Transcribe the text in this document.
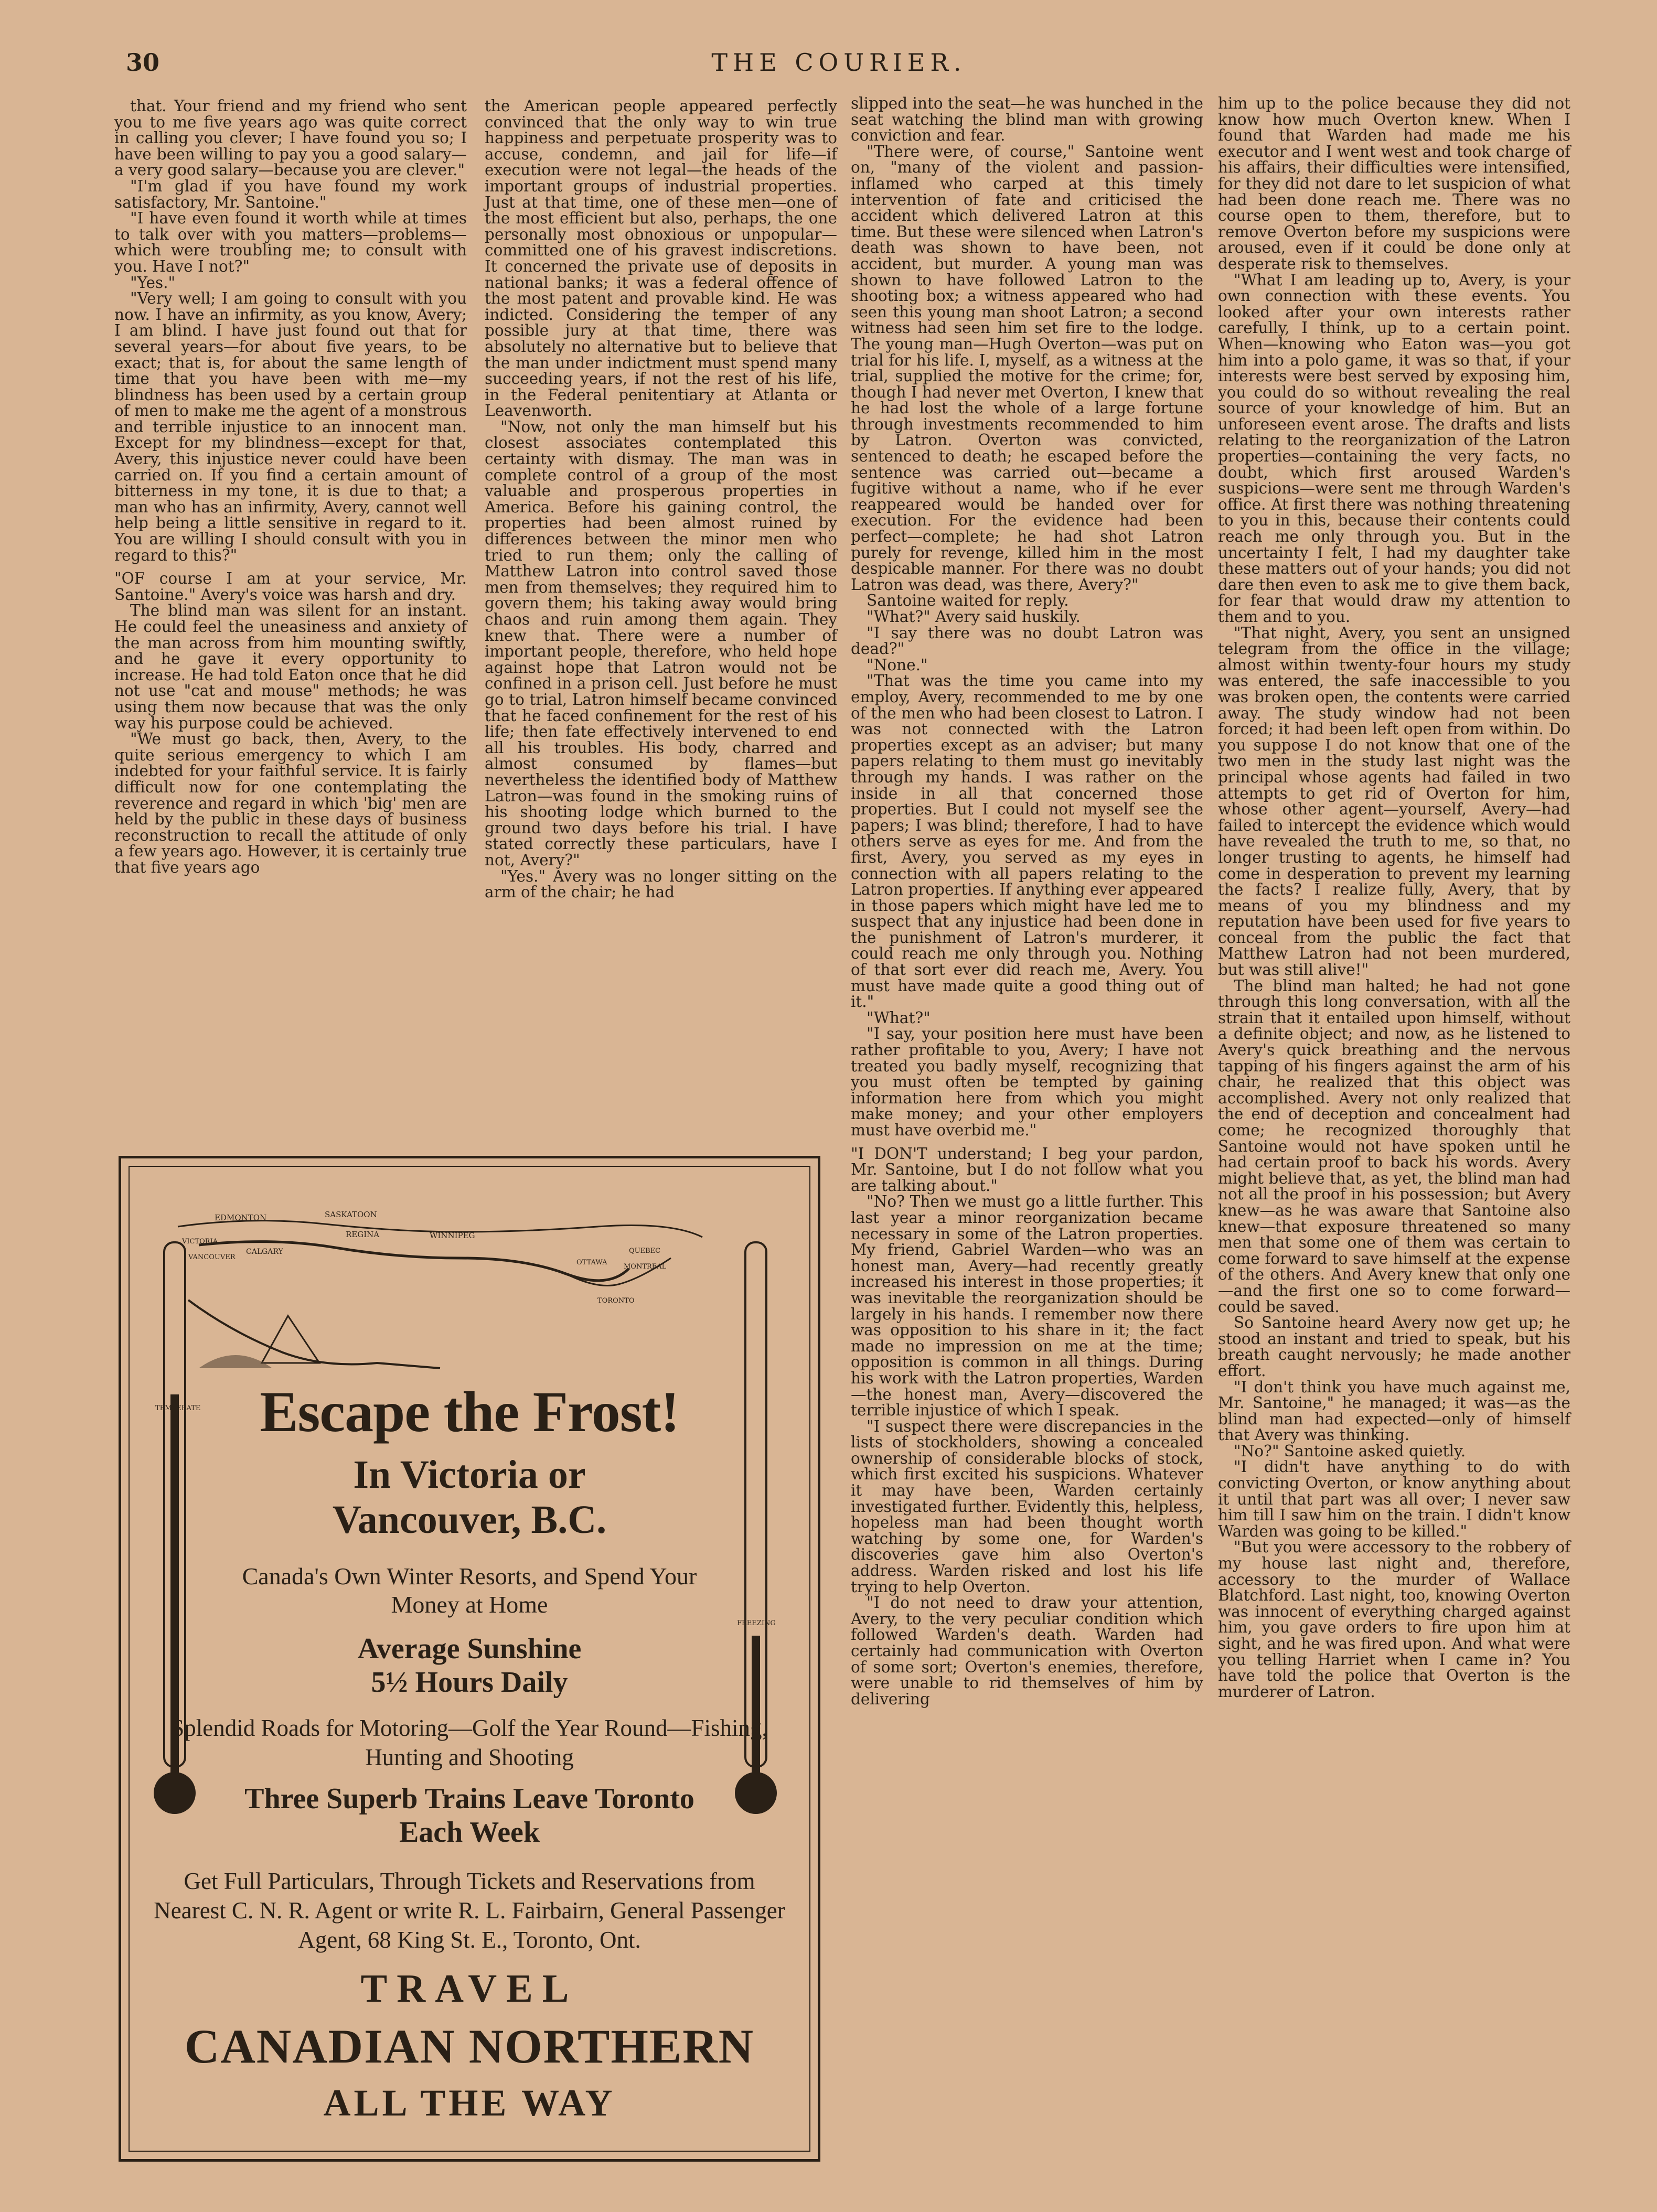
30	THE COURIER.

that. Your friend and my friend who sent you to me five years ago was quite correct in calling you clever; I have found you so; I have been willing to pay you a good salary—a very good salary—because you are clever."

"I'm glad if you have found my work satisfactory, Mr. Santoine."

"I have even found it worth while at times to talk over with you matters—problems—which were troubling me; to consult with you. Have I not?"

"Yes."

"Very well; I am going to consult with you now. I have an infirmity, as you know, Avery; I am blind. I have just found out that for several years—for about five years, to be exact; that is, for about the same length of time that you have been with me—my blindness has been used by a certain group of men to make me the agent of a monstrous and terrible injustice to an innocent man. Except for my blindness—except for that, Avery, this injustice never could have been carried on. If you find a certain amount of bitterness in my tone, it is due to that; a man who has an infirmity, Avery, cannot well help being a little sensitive in regard to it. You are willing I should consult with you in regard to this?"

"OF course I am at your service, Mr. Santoine." Avery's voice was harsh and dry.

The blind man was silent for an instant. He could feel the uneasiness and anxiety of the man across from him mounting swiftly, and he gave it every opportunity to increase. He had told Eaton once that he did not use "cat and mouse" methods; he was using them now because that was the only way his purpose could be achieved.

"We must go back, then, Avery, to the quite serious emergency to which I am indebted for your faithful service. It is fairly difficult now for one contemplating the reverence and regard in which 'big' men are held by the public in these days of business reconstruction to recall the attitude of only a few years ago. However, it is certainly true that five years ago

the American people appeared perfectly convinced that the only way to win true happiness and perpetuate prosperity was to accuse, condemn, and jail for life—if execution were not legal—the heads of the important groups of industrial properties. Just at that time, one of these men—one of the most efficient but also, perhaps, the one personally most obnoxious or unpopular—committed one of his gravest indiscretions. It concerned the private use of deposits in national banks; it was a federal offence of the most patent and provable kind. He was indicted. Considering the temper of any possible jury at that time, there was absolutely no alternative but to believe that the man under indictment must spend many succeeding years, if not the rest of his life, in the Federal penitentiary at Atlanta or Leavenworth.

"Now, not only the man himself but his closest associates contemplated this certainty with dismay. The man was in complete control of a group of the most valuable and prosperous properties in America. Before his gaining control, the properties had been almost ruined by differences between the minor men who tried to run them; only the calling of Matthew Latron into control saved those men from themselves; they required him to govern them; his taking away would bring chaos and ruin among them again. They knew that. There were a number of important people, therefore, who held hope against hope that Latron would not be confined in a prison cell. Just before he must go to trial, Latron himself became convinced that he faced confinement for the rest of his life; then fate effectively intervened to end all his troubles. His body, charred and almost consumed by flames—but nevertheless the identified body of Matthew Latron—was found in the smoking ruins of his shooting lodge which burned to the ground two days before his trial. I have stated correctly these particulars, have I not, Avery?"

"Yes." Avery was no longer sitting on the arm of the chair; he had

slipped into the seat—he was hunched in the seat watching the blind man with growing conviction and fear.

"There were, of course," Santoine went on, "many of the violent and passion-inflamed who carped at this timely intervention of fate and criticised the accident which delivered Latron at this time. But these were silenced when Latron's death was shown to have been, not accident, but murder. A young man was shown to have followed Latron to the shooting box; a witness appeared who had seen this young man shoot Latron; a second witness had seen him set fire to the lodge. The young man—Hugh Overton—was put on trial for his life. I, myself, as a witness at the trial, supplied the motive for the crime; for, though I had never met Overton, I knew that he had lost the whole of a large fortune through investments recommended to him by Latron. Overton was convicted, sentenced to death; he escaped before the sentence was carried out—became a fugitive without a name, who if he ever reappeared would be handed over for execution. For the evidence had been perfect—complete; he had shot Latron purely for revenge, killed him in the most despicable manner. For there was no doubt Latron was dead, was there, Avery?"

Santoine waited for reply.

"What?" Avery said huskily.

"I say there was no doubt Latron was dead?"

"None."

"That was the time you came into my employ, Avery, recommended to me by one of the men who had been closest to Latron. I was not connected with the Latron properties except as an adviser; but many papers relating to them must go inevitably through my hands. I was rather on the inside in all that concerned those properties. But I could not myself see the papers; I was blind; therefore, I had to have others serve as eyes for me. And from the first, Avery, you served as my eyes in connection with all papers relating to the Latron properties. If anything ever appeared in those papers which might have led me to suspect that any injustice had been done in the punishment of Latron's murderer, it could reach me only through you. Nothing of that sort ever did reach me, Avery. You must have made quite a good thing out of it."

"What?"

"I say, your position here must have been rather profitable to you, Avery; I have not treated you badly myself, recognizing that you must often be tempted by gaining information here from which you might make money; and your other employers must have overbid me."

"I DON'T understand; I beg your pardon, Mr. Santoine, but I do not follow what you are talking about."

"No? Then we must go a little further. This last year a minor reorganization became necessary in some of the Latron properties. My friend, Gabriel Warden—who was an honest man, Avery—had recently greatly increased his interest in those properties; it was inevitable the reorganization should be largely in his hands. I remember now there was opposition to his share in it; the fact made no impression on me at the time; opposition is common in all things. During his work with the Latron properties, Warden—the honest man, Avery—discovered the terrible injustice of which I speak.

"I suspect there were discrepancies in the lists of stockholders, showing a concealed ownership of considerable blocks of stock, which first excited his suspicions. Whatever it may have been, Warden certainly investigated further. Evidently this, helpless, hopeless man had been thought worth watching by some one, for Warden's discoveries gave him also Overton's address. Warden risked and lost his life trying to help Overton.

"I do not need to draw your attention, Avery, to the very peculiar condition which followed Warden's death. Warden had certainly had communication with Overton of some sort; Overton's enemies, therefore, were unable to rid themselves of him by delivering

him up to the police because they did not know how much Overton knew. When I found that Warden had made me his executor and I went west and took charge of his affairs, their difficulties were intensified, for they did not dare to let suspicion of what had been done reach me. There was no course open to them, therefore, but to remove Overton before my suspicions were aroused, even if it could be done only at desperate risk to themselves.

"What I am leading up to, Avery, is your own connection with these events. You looked after your own interests rather carefully, I think, up to a certain point. When—knowing who Eaton was—you got him into a polo game, it was so that, if your interests were best served by exposing him, you could do so without revealing the real source of your knowledge of him. But an unforeseen event arose. The drafts and lists relating to the reorganization of the Latron properties—containing the very facts, no doubt, which first aroused Warden's suspicions—were sent me through Warden's office. At first there was nothing threatening to you in this, because their contents could reach me only through you. But in the uncertainty I felt, I had my daughter take these matters out of your hands; you did not dare then even to ask me to give them back, for fear that would draw my attention to them and to you.

"That night, Avery, you sent an unsigned telegram from the office in the village; almost within twenty-four hours my study was entered, the safe inaccessible to you was broken open, the contents were carried away. The study window had not been forced; it had been left open from within. Do you suppose I do not know that one of the two men in the study last night was the principal whose agents had failed in two attempts to get rid of Overton for him, whose other agent—yourself, Avery—had failed to intercept the evidence which would have revealed the truth to me, so that, no longer trusting to agents, he himself had come in desperation to prevent my learning the facts? I realize fully, Avery, that by means of you my blindness and my reputation have been used for five years to conceal from the public the fact that Matthew Latron had not been murdered, but was still alive!"

The blind man halted; he had not gone through this long conversation, with all the strain that it entailed upon himself, without a definite object; and now, as he listened to Avery's quick breathing and the nervous tapping of his fingers against the arm of his chair, he realized that this object was accomplished. Avery not only realized that the end of deception and concealment had come; he recognized thoroughly that Santoine would not have spoken until he had certain proof to back his words. Avery might believe that, as yet, the blind man had not all the proof in his possession; but Avery knew—as he was aware that Santoine also knew—that exposure threatened so many men that some one of them was certain to come forward to save himself at the expense of the others. And Avery knew that only one—and the first one so to come forward—could be saved.

So Santoine heard Avery now get up; he stood an instant and tried to speak, but his breath caught nervously; he made another effort.

"I don't think you have much against me, Mr. Santoine," he managed; it was—as the blind man had expected—only of himself that Avery was thinking.

"No?" Santoine asked quietly.

"I didn't have anything to do with convicting Overton, or know anything about it until that part was all over; I never saw him till I saw him on the train. I didn't know Warden was going to be killed."

"But you were accessory to the robbery of my house last night and, therefore, accessory to the murder of Wallace Blatchford. Last night, too, knowing Overton was innocent of everything charged against him, you gave orders to fire upon him at sight, and he was fired upon. And what were you telling Harriet when I came in? You have told the police that Overton is the murderer of Latron.

EDMONTON	SASKATOON
VICTORIA
VANCOUVER
CALGARY
REGINA	WINNIPEG
OTTAWA
QUEBEC
MONTREAL
TORONTO
TEMPERATE
FREEZING
Escape the Frost!
In Victoria or
Vancouver, B.C.
Canada's Own Winter Resorts, and Spend Your Money at Home
Average Sunshine
5½ Hours Daily
Splendid Roads for Motoring—Golf the Year Round—Fishing, Hunting and Shooting
Three Superb Trains Leave Toronto
Each Week
Get Full Particulars, Through Tickets and Reservations from Nearest C. N. R. Agent or write R. L. Fairbairn, General Passenger Agent, 68 King St. E., Toronto, Ont.
TRAVEL
CANADIAN NORTHERN
ALL THE WAY
